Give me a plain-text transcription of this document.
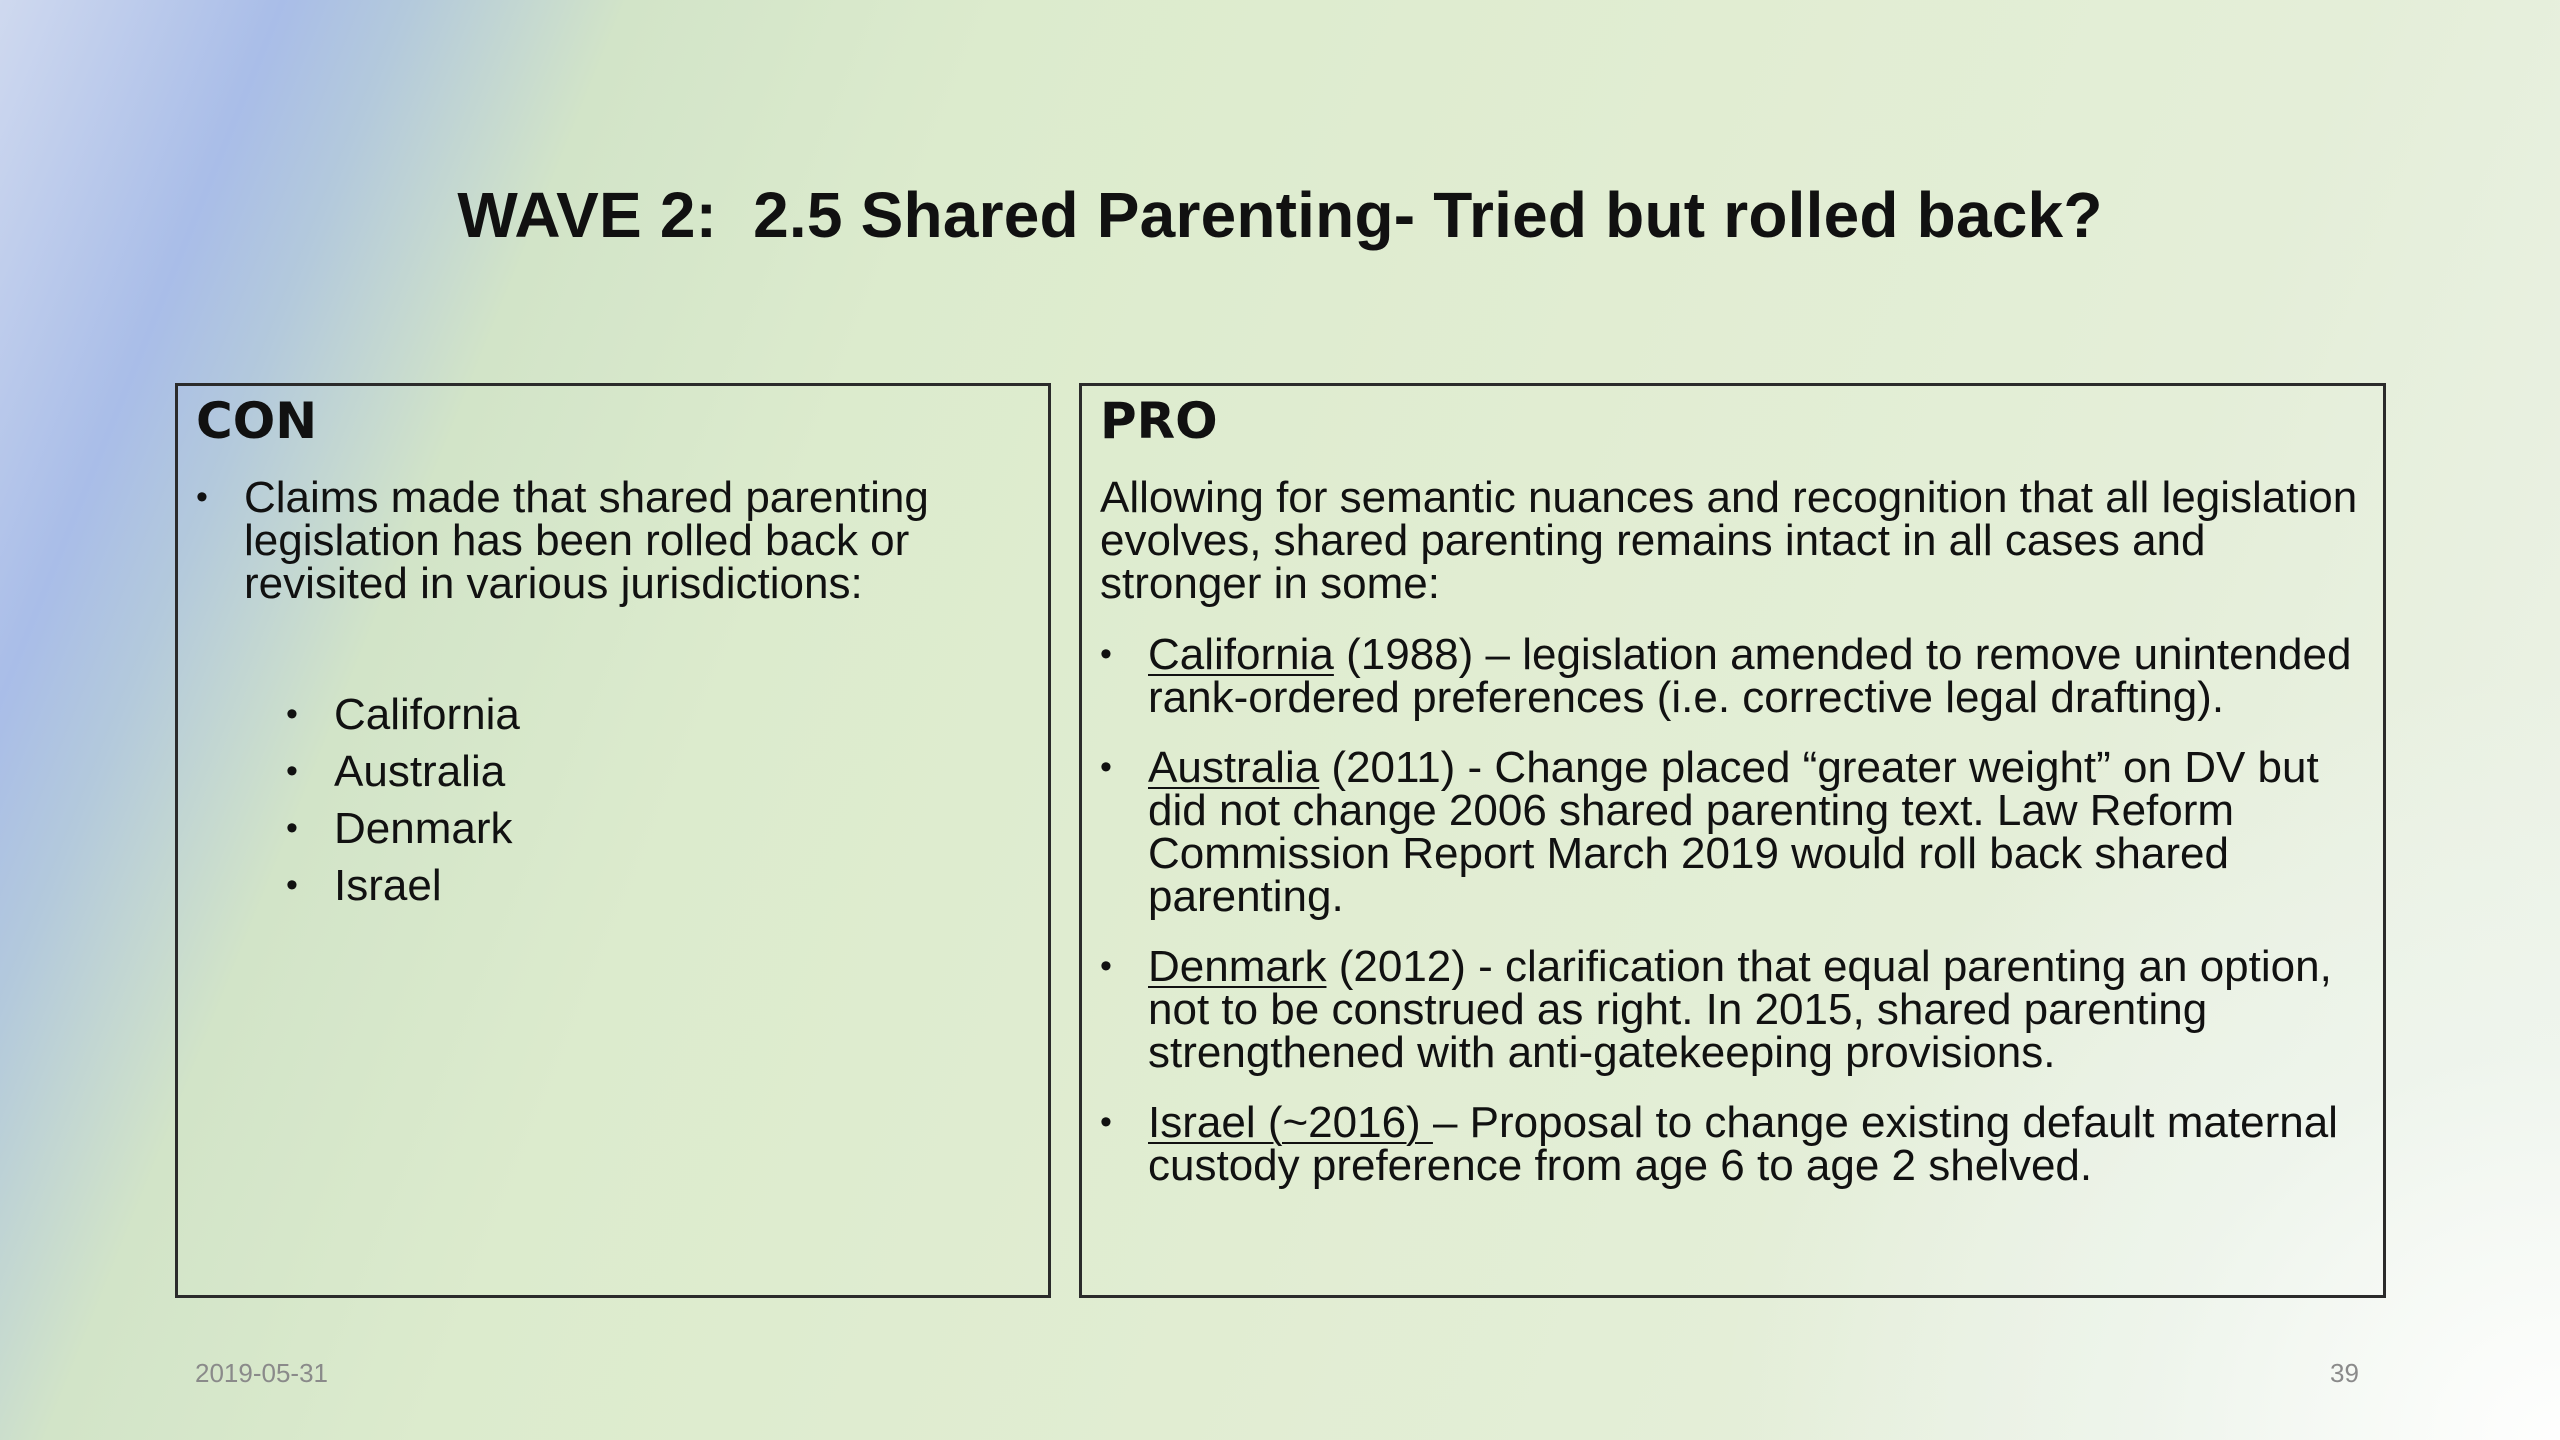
WAVE 2:  2.5 Shared Parenting- Tried but rolled back?
CON
• Claims made that shared parenting legislation has been rolled back or revisited in various jurisdictions:
• California
• Australia
• Denmark
• Israel
PRO
Allowing for semantic nuances and recognition that all legislation evolves, shared parenting remains intact in all cases and stronger in some:
• California (1988) – legislation amended to remove unintended rank-ordered preferences (i.e. corrective legal drafting).
• Australia (2011) - Change placed “greater weight” on DV but did not change 2006 shared parenting text. Law Reform Commission Report March 2019 would roll back shared parenting.
• Denmark (2012) - clarification that equal parenting an option, not to be construed as right. In 2015, shared parenting strengthened with anti-gatekeeping provisions.
• Israel (~2016) – Proposal to change existing default maternal custody preference from age 6 to age 2 shelved.
2019-05-31	39
